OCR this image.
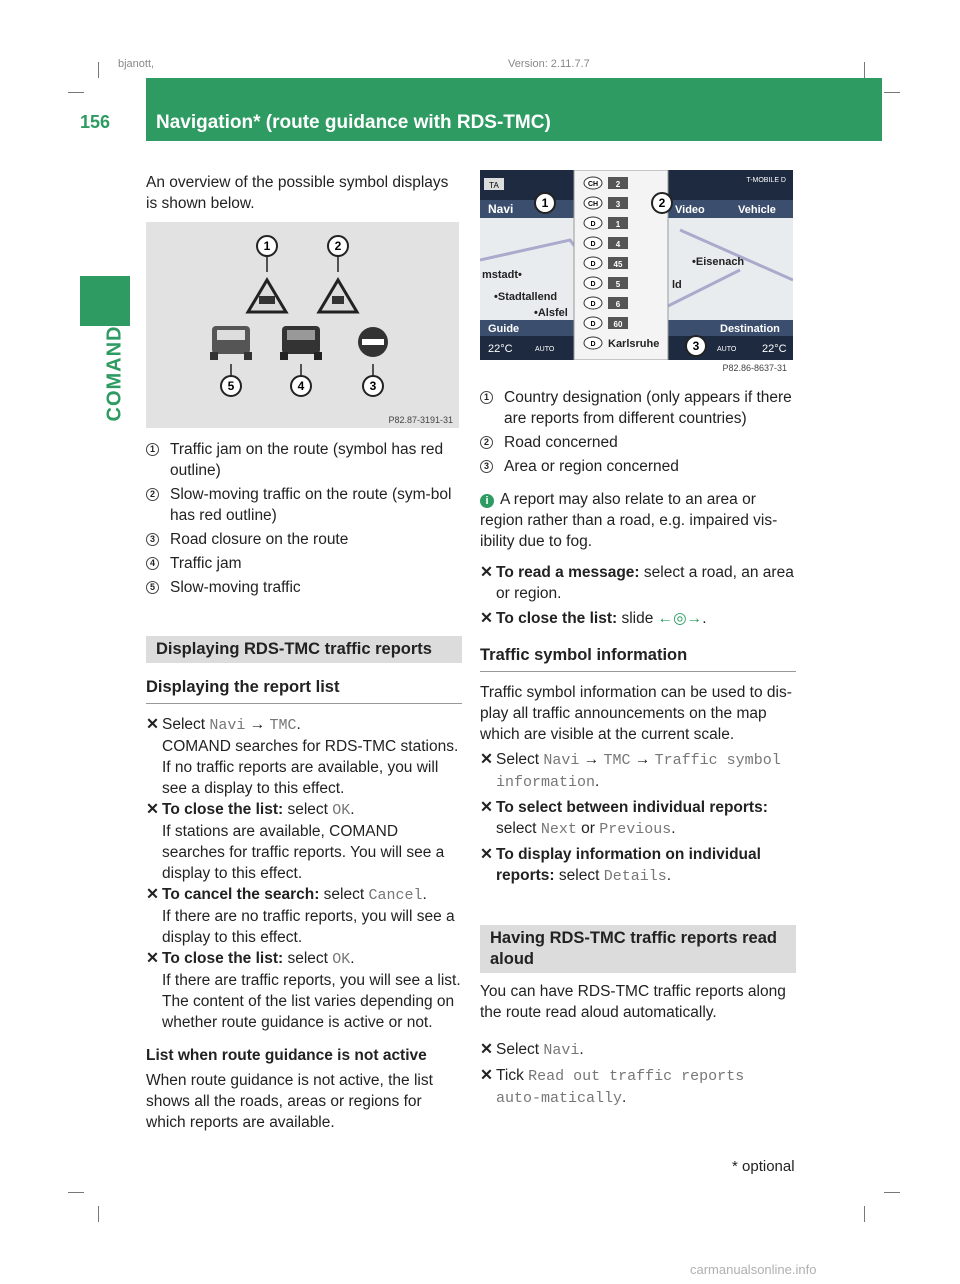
bjanott,	Version: 2.11.7.7
156	Navigation* (route guidance with RDS-TMC)
COMAND

An overview of the possible symbol displays is shown below.

1	2
5	4	3
P82.87-3191-31
1 Traffic jam on the route (symbol has red outline)
2 Slow-moving traffic on the route (sym-bol has red outline)
3 Road closure on the route
4 Traffic jam
5 Slow-moving traffic
Displaying RDS-TMC traffic reports
Displaying the report list
✕ Select Navi → TMC.

COMAND searches for RDS-TMC stations. If no traffic reports are available, you will see a display to this effect.

✕ To close the list: select OK.

If stations are available, COMAND searches for traffic reports. You will see a display to this effect.

✕ To cancel the search: select Cancel.

If there are no traffic reports, you will see a display to this effect.

✕ To close the list: select OK.

If there are traffic reports, you will see a list. The content of the list varies depending on whether route guidance is active or not.

List when route guidance is not active

When route guidance is not active, the list shows all the roads, areas or regions for which reports are available.

TA
T-MOBILE D
Navi	Video	Vehicle
mstadt•
•Stadtallend
•Alsfel
•Eisenach
ld
Guide	Destination
22°C	AUTO	AUTO 22°C
CH 2
CH 3
D	1
D	4
D 45
D	5
D	6
D 60
D Karlsruhe
1	2
3
P82.86-8637-31
1 Country designation (only appears if there are reports from different countries)
2 Road concerned
3 Area or region concerned

i A report may also relate to an area or region rather than a road, e.g. impaired vis-ibility due to fog.

✕ To read a message: select a road, an area or region.
✕ To close the list: slide ←◎→.
Traffic symbol information

Traffic symbol information can be used to dis-play all traffic announcements on the map which are visible at the current scale.

✕ Select Navi → TMC → Traffic symbol information.
✕ To select between individual reports:
select Next or Previous.
✕ To display information on individual reports: select Details.
Having RDS-TMC traffic reports read aloud

You can have RDS-TMC traffic reports along the route read aloud automatically.

✕ Select Navi.
✕ Tick Read out traffic reports auto-matically.
* optional
carmanualsonline.info
